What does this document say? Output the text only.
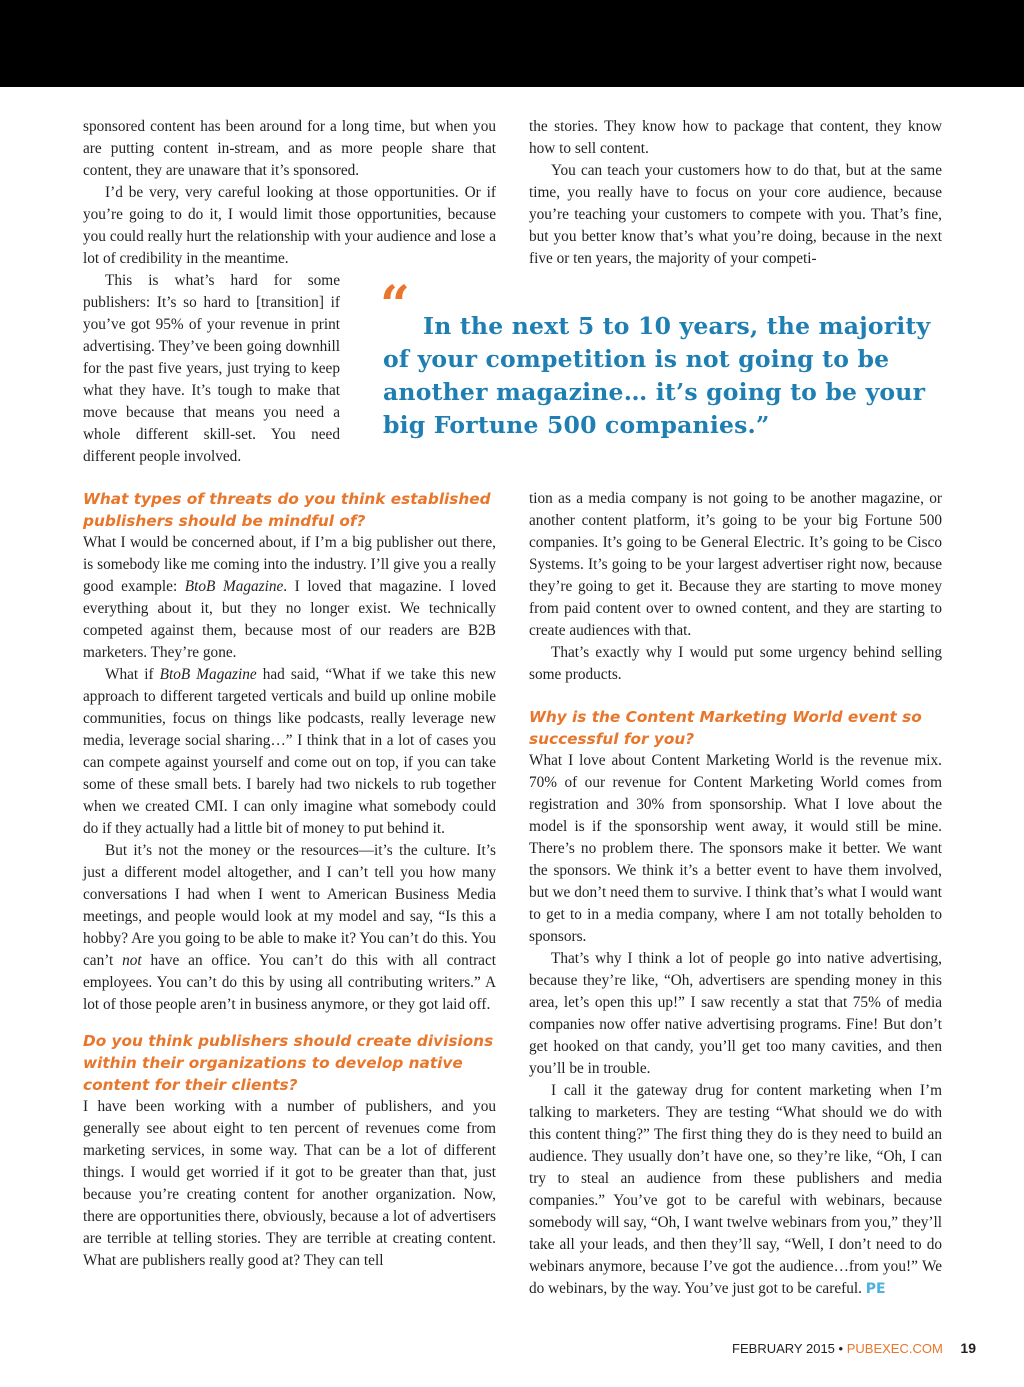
sponsored content has been around for a long time, but when you are putting content in-stream, and as more people share that content, they are unaware that it’s sponsored.

I’d be very, very careful looking at those opportunities. Or if you’re going to do it, I would limit those opportunities, because you could really hurt the relationship with your audience and lose a lot of credibility in the meantime.

This is what’s hard for some publishers: It’s so hard to [transition] if you’ve got 95% of your revenue in print advertising. They’ve been going downhill for the past five years, just trying to keep what they have. It’s tough to make that move because that means you need a whole different skill-set. You need different people involved.

the stories. They know how to package that content, they know how to sell content.

You can teach your customers how to do that, but at the same time, you really have to focus on your core audience, because you’re teaching your customers to compete with you. That’s fine, but you better know that’s what you’re doing, because in the next five or ten years, the majority of your competi-

“ In the next 5 to 10 years, the majority of your competition is not going to be another magazine… it’s going to be your big Fortune 500 companies.”

What types of threats do you think established publishers should be mindful of?

What I would be concerned about, if I’m a big publisher out there, is somebody like me coming into the industry. I’ll give you a really good example: BtoB Magazine. I loved that magazine. I loved everything about it, but they no longer exist. We technically competed against them, because most of our readers are B2B marketers. They’re gone.

What if BtoB Magazine had said, “What if we take this new approach to different targeted verticals and build up online mobile communities, focus on things like podcasts, really leverage new media, leverage social sharing…” I think that in a lot of cases you can compete against yourself and come out on top, if you can take some of these small bets. I barely had two nickels to rub together when we created CMI. I can only imagine what somebody could do if they actually had a little bit of money to put behind it.

But it’s not the money or the resources—it’s the culture. It’s just a different model altogether, and I can’t tell you how many conversations I had when I went to American Business Media meetings, and people would look at my model and say, “Is this a hobby? Are you going to be able to make it? You can’t do this. You can’t not have an office. You can’t do this with all contract employees. You can’t do this by using all contributing writers.” A lot of those people aren’t in business anymore, or they got laid off.

Do you think publishers should create divisions within their organizations to develop native content for their clients?

I have been working with a number of publishers, and you generally see about eight to ten percent of revenues come from marketing services, in some way. That can be a lot of different things. I would get worried if it got to be greater than that, just because you’re creating content for another organization. Now, there are opportunities there, obviously, because a lot of advertisers are terrible at telling stories. They are terrible at creating content. What are publishers really good at? They can tell

tion as a media company is not going to be another magazine, or another content platform, it’s going to be your big Fortune 500 companies. It’s going to be General Electric. It’s going to be Cisco Systems. It’s going to be your largest advertiser right now, because they’re going to get it. Because they are starting to move money from paid content over to owned content, and they are starting to create audiences with that.

That’s exactly why I would put some urgency behind selling some products.

Why is the Content Marketing World event so successful for you?

What I love about Content Marketing World is the revenue mix. 70% of our revenue for Content Marketing World comes from registration and 30% from sponsorship. What I love about the model is if the sponsorship went away, it would still be mine. There’s no problem there. The sponsors make it better. We want the sponsors. We think it’s a better event to have them involved, but we don’t need them to survive. I think that’s what I would want to get to in a media company, where I am not totally beholden to sponsors.

That’s why I think a lot of people go into native advertising, because they’re like, “Oh, advertisers are spending money in this area, let’s open this up!” I saw recently a stat that 75% of media companies now offer native advertising programs. Fine! But don’t get hooked on that candy, you’ll get too many cavities, and then you’ll be in trouble.

I call it the gateway drug for content marketing when I’m talking to marketers. They are testing “What should we do with this content thing?” The first thing they do is they need to build an audience. They usually don’t have one, so they’re like, “Oh, I can try to steal an audience from these publishers and media companies.” You’ve got to be careful with webinars, because somebody will say, “Oh, I want twelve webinars from you,” they’ll take all your leads, and then they’ll say, “Well, I don’t need to do webinars anymore, because I’ve got the audience…from you!” We do webinars, by the way. You’ve just got to be careful. PE

FEBRUARY 2015 • PUBEXEC.COM 19
